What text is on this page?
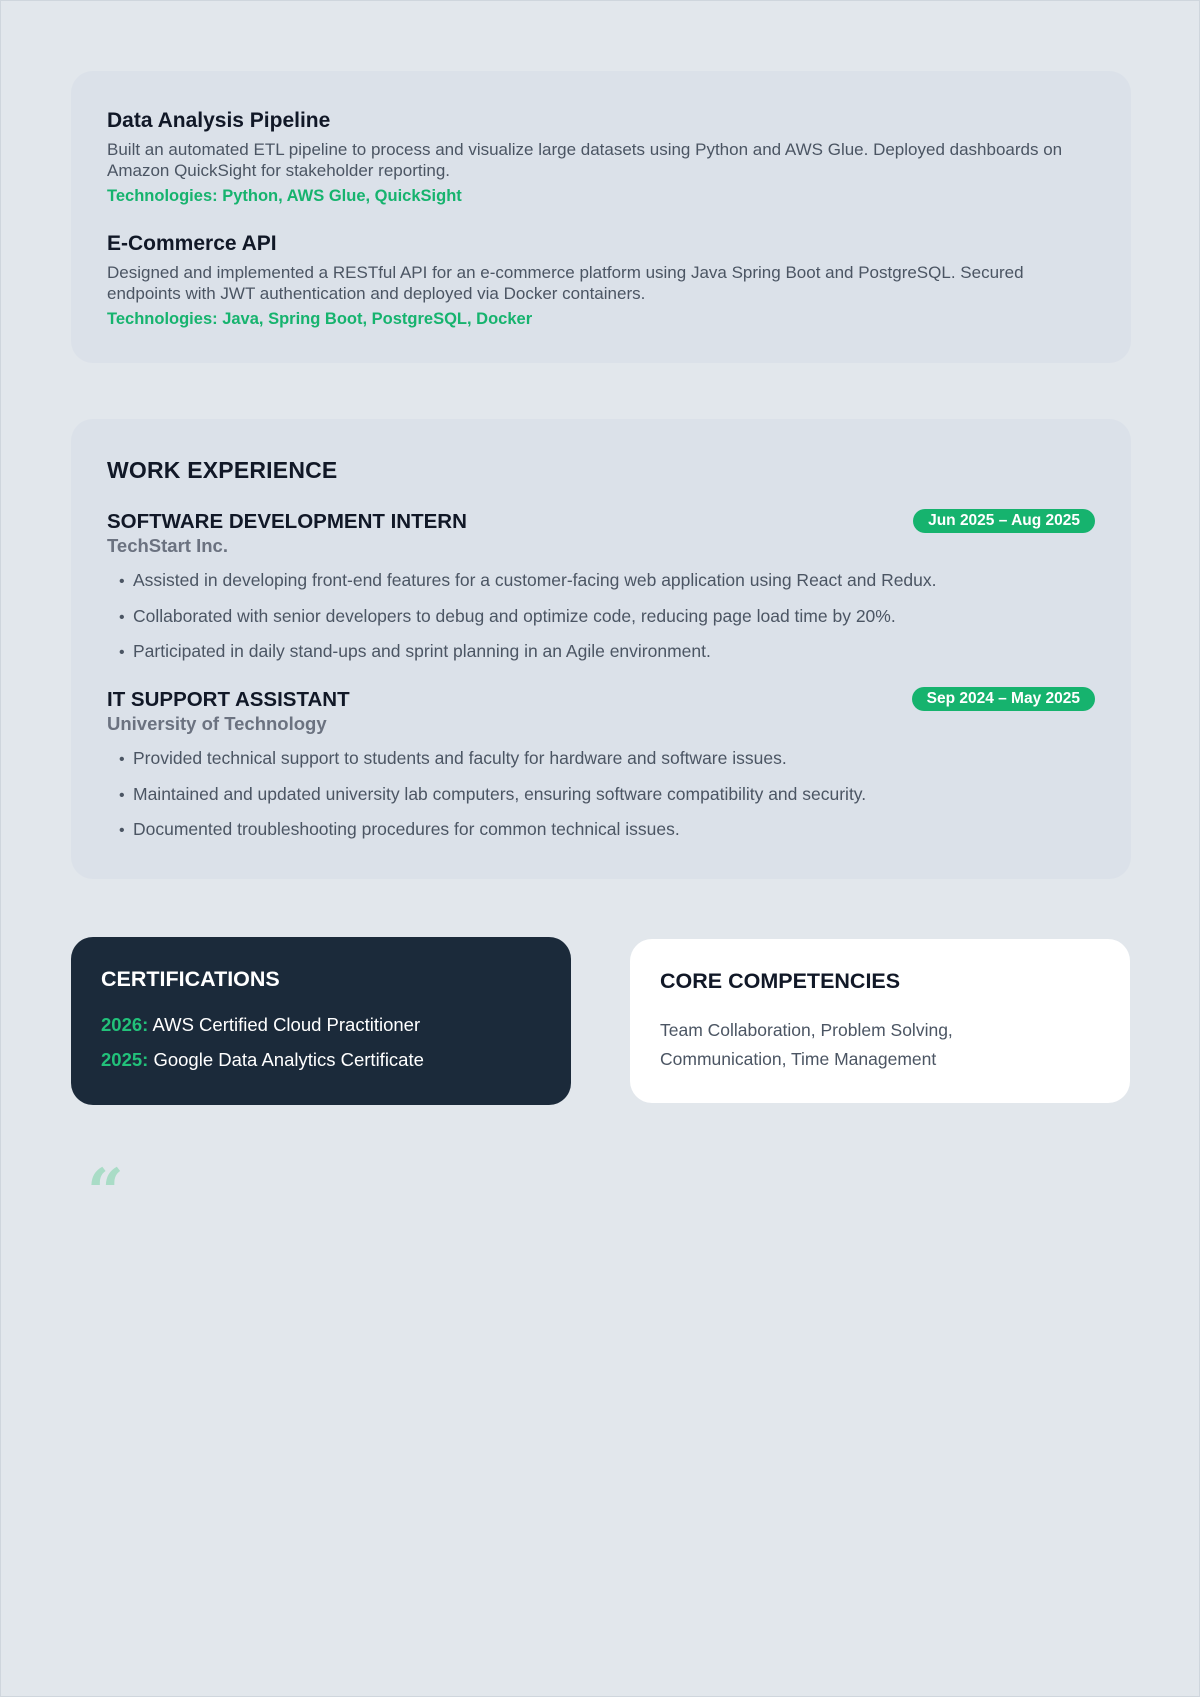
Data Analysis Pipeline

Built an automated ETL pipeline to process and visualize large datasets using Python and AWS Glue. Deployed dashboards on Amazon QuickSight for stakeholder reporting.

Technologies: Python, AWS Glue, QuickSight

E-Commerce API

Designed and implemented a RESTful API for an e-commerce platform using Java Spring Boot and PostgreSQL. Secured endpoints with JWT authentication and deployed via Docker containers.

Technologies: Java, Spring Boot, PostgreSQL, Docker

WORK EXPERIENCE
SOFTWARE DEVELOPMENT INTERN
TechStart Inc.
Jun 2025 – Aug 2025
• Assisted in developing front-end features for a customer-facing web application using React and Redux.
• Collaborated with senior developers to debug and optimize code, reducing page load time by 20%.
• Participated in daily stand-ups and sprint planning in an Agile environment.
IT SUPPORT ASSISTANT
University of Technology
Sep 2024 – May 2025
• Provided technical support to students and faculty for hardware and software issues.
• Maintained and updated university lab computers, ensuring software compatibility and security.
• Documented troubleshooting procedures for common technical issues.
CERTIFICATIONS
2026: AWS Certified Cloud Practitioner
2025: Google Data Analytics Certificate
CORE COMPETENCIES

Team Collaboration, Problem Solving, Communication, Time Management

“
